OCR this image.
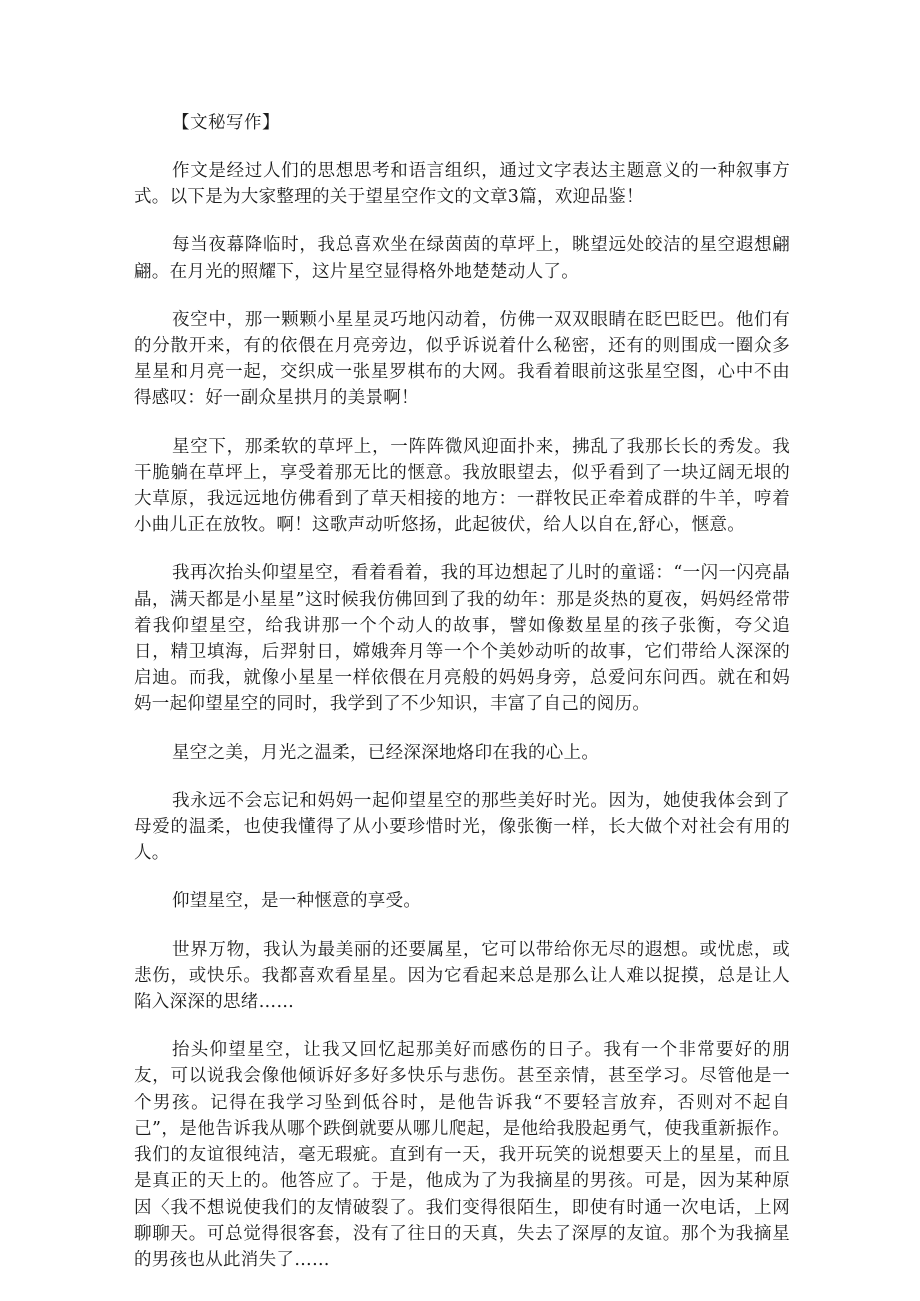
【文秘写作】

作文是经过人们的思想思考和语言组织，通过文字表达主题意义的一种叙事方式。以下是为大家整理的关于望星空作文的文章3篇，欢迎品鉴！

每当夜幕降临时，我总喜欢坐在绿茵茵的草坪上，眺望远处皎洁的星空遐想翩翩。在月光的照耀下，这片星空显得格外地楚楚动人了。

夜空中，那一颗颗小星星灵巧地闪动着，仿佛一双双眼睛在眨巴眨巴。他们有的分散开来，有的依偎在月亮旁边，似乎诉说着什么秘密，还有的则围成一圈众多星星和月亮一起，交织成一张星罗棋布的大网。我看着眼前这张星空图，心中不由得感叹：好一副众星拱月的美景啊！

星空下，那柔软的草坪上，一阵阵微风迎面扑来，拂乱了我那长长的秀发。我干脆躺在草坪上，享受着那无比的惬意。我放眼望去，似乎看到了一块辽阔无垠的大草原，我远远地仿佛看到了草天相接的地方：一群牧民正牵着成群的牛羊，哼着小曲儿正在放牧。啊！这歌声动听悠扬，此起彼伏，给人以自在,舒心，惬意。

我再次抬头仰望星空，看着看着，我的耳边想起了儿时的童谣：“一闪一闪亮晶晶，满天都是小星星”这时候我仿佛回到了我的幼年：那是炎热的夏夜，妈妈经常带着我仰望星空，给我讲那一个个动人的故事，譬如像数星星的孩子张衡，夸父追日，精卫填海，后羿射日，嫦娥奔月等一个个美妙动听的故事，它们带给人深深的启迪。而我，就像小星星一样依偎在月亮般的妈妈身旁，总爱问东问西。就在和妈妈一起仰望星空的同时，我学到了不少知识，丰富了自己的阅历。

星空之美，月光之温柔，已经深深地烙印在我的心上。

我永远不会忘记和妈妈一起仰望星空的那些美好时光。因为，她使我体会到了母爱的温柔，也使我懂得了从小要珍惜时光，像张衡一样，长大做个对社会有用的人。

仰望星空，是一种惬意的享受。

世界万物，我认为最美丽的还要属星，它可以带给你无尽的遐想。或忧虑，或悲伤，或快乐。我都喜欢看星星。因为它看起来总是那么让人难以捉摸，总是让人陷入深深的思绪……

抬头仰望星空，让我又回忆起那美好而感伤的日子。我有一个非常要好的朋友，可以说我会像他倾诉好多好多快乐与悲伤。甚至亲情，甚至学习。尽管他是一个男孩。记得在我学习坠到低谷时，是他告诉我“不要轻言放弃，否则对不起自己”，是他告诉我从哪个跌倒就要从哪儿爬起，是他给我股起勇气，使我重新振作。我们的友谊很纯洁，毫无瑕疵。直到有一天，我开玩笑的说想要天上的星星，而且是真正的天上的。他答应了。于是，他成为了为我摘星的男孩。可是，因为某种原因〈我不想说使我们的友情破裂了。我们变得很陌生，即使有时通一次电话，上网聊聊天。可总觉得很客套，没有了往日的天真，失去了深厚的友谊。那个为我摘星的男孩也从此消失了……
